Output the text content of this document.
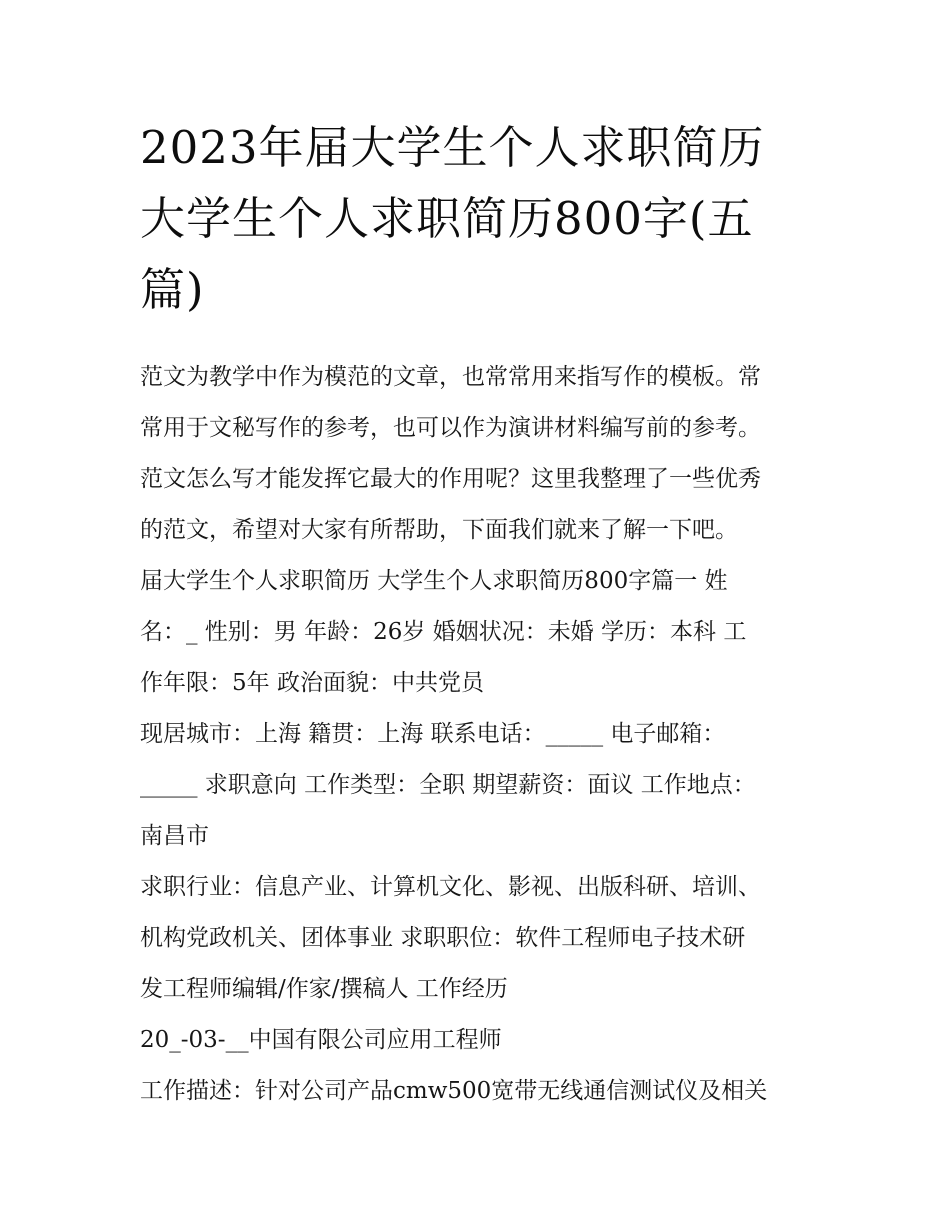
2023年届大学生个人求职简历
大学生个人求职简历800字(五
篇)
范文为教学中作为模范的文章，也常常用来指写作的模板。常
常用于文秘写作的参考，也可以作为演讲材料编写前的参考。
范文怎么写才能发挥它最大的作用呢？这里我整理了一些优秀
的范文，希望对大家有所帮助，下面我们就来了解一下吧。
届大学生个人求职简历 大学生个人求职简历800字篇一 姓
名：_ 性别：男 年龄：26岁 婚姻状况：未婚 学历：本科 工
作年限：5年 政治面貌：中共党员
现居城市：上海 籍贯：上海 联系电话：_____ 电子邮箱：
_____ 求职意向 工作类型：全职 期望薪资：面议 工作地点：
南昌市
求职行业：信息产业、计算机文化、影视、出版科研、培训、
机构党政机关、团体事业 求职职位：软件工程师电子技术研
发工程师编辑/作家/撰稿人 工作经历
20_-03-__中国有限公司应用工程师
工作描述：针对公司产品cmw500宽带无线通信测试仪及相关
